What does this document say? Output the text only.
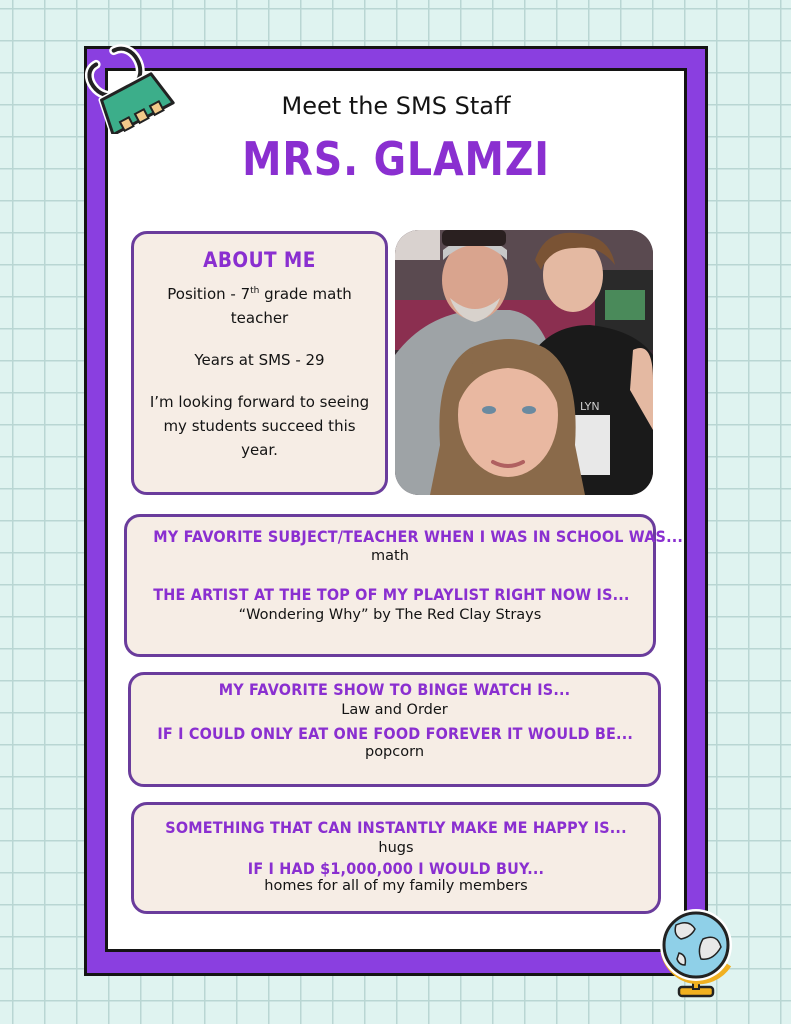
Meet the SMS Staff
MRS. GLAMZI
ABOUT ME
Position - 7th grade math teacher
Years at SMS - 29
I’m looking forward to seeing my students succeed this year.
LYN
MY FAVORITE SUBJECT/TEACHER WHEN I WAS IN SCHOOL WAS...
math
THE ARTIST AT THE TOP OF MY PLAYLIST RIGHT NOW IS...
“Wondering Why” by The Red Clay Strays
MY FAVORITE SHOW TO BINGE WATCH IS...
Law and Order
IF I COULD ONLY EAT ONE FOOD FOREVER IT WOULD BE...
popcorn
SOMETHING THAT CAN INSTANTLY MAKE ME HAPPY IS...
hugs
IF I HAD $1,000,000 I WOULD BUY...
homes for all of my family members
